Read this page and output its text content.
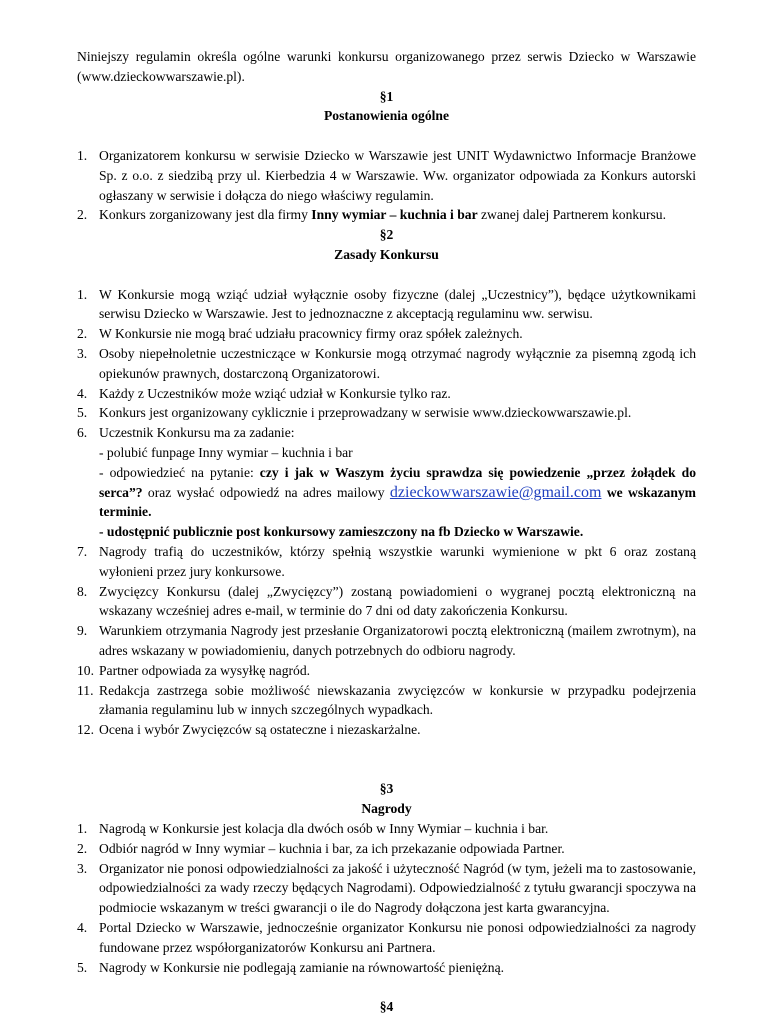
Niniejszy regulamin określa ogólne warunki konkursu organizowanego przez serwis Dziecko w Warszawie (www.dzieckowwarszawie.pl).

§1

Postanowienia ogólne

1. Organizatorem konkursu w serwisie Dziecko w Warszawie jest UNIT Wydawnictwo Informacje Branżowe Sp. z o.o. z siedzibą przy ul. Kierbedzia 4 w Warszawie. Ww. organizator odpowiada za Konkurs autorski ogłaszany w serwisie i dołącza do niego właściwy regulamin.
2. Konkurs zorganizowany jest dla firmy Inny wymiar – kuchnia i bar zwanej dalej Partnerem konkursu.

§2

Zasady Konkursu

1. W Konkursie mogą wziąć udział wyłącznie osoby fizyczne (dalej „Uczestnicy”), będące użytkownikami serwisu Dziecko w Warszawie. Jest to jednoznaczne z akceptacją regulaminu ww. serwisu.
2. W Konkursie nie mogą brać udziału pracownicy firmy oraz spółek zależnych.
3. Osoby niepełnoletnie uczestniczące w Konkursie mogą otrzymać nagrody wyłącznie za pisemną zgodą ich opiekunów prawnych, dostarczoną Organizatorowi.
4. Każdy z Uczestników może wziąć udział w Konkursie tylko raz.
5. Konkurs jest organizowany cyklicznie i przeprowadzany w serwisie www.dzieckowwarszawie.pl.
6. Uczestnik Konkursu ma za zadanie:
- polubić funpage Inny wymiar – kuchnia i bar
- odpowiedzieć na pytanie: czy i jak w Waszym życiu sprawdza się powiedzenie „przez żołądek do serca”? oraz wysłać odpowiedź na adres mailowy dzieckowwarszawie@gmail.com we wskazanym terminie.
- udostępnić publicznie post konkursowy zamieszczony na fb Dziecko w Warszawie.
7. Nagrody trafią do uczestników, którzy spełnią wszystkie warunki wymienione w pkt 6 oraz zostaną wyłonieni przez jury konkursowe.
8. Zwycięzcy Konkursu (dalej „Zwycięzcy”) zostaną powiadomieni o wygranej pocztą elektroniczną na wskazany wcześniej adres e-mail, w terminie do 7 dni od daty zakończenia Konkursu.
9. Warunkiem otrzymania Nagrody jest przesłanie Organizatorowi pocztą elektroniczną (mailem zwrotnym), na adres wskazany w powiadomieniu, danych potrzebnych do odbioru nagrody.
10. Partner odpowiada za wysyłkę nagród.
11. Redakcja zastrzega sobie możliwość niewskazania zwycięzców w konkursie w przypadku podejrzenia złamania regulaminu lub w innych szczególnych wypadkach.
12. Ocena i wybór Zwycięzców są ostateczne i niezaskarżalne.

§3

Nagrody

1. Nagrodą w Konkursie jest kolacja dla dwóch osób w Inny Wymiar – kuchnia i bar.
2. Odbiór nagród w Inny wymiar – kuchnia i bar, za ich przekazanie odpowiada Partner.
3. Organizator nie ponosi odpowiedzialności za jakość i użyteczność Nagród (w tym, jeżeli ma to zastosowanie, odpowiedzialności za wady rzeczy będących Nagrodami). Odpowiedzialność z tytułu gwarancji spoczywa na podmiocie wskazanym w treści gwarancji o ile do Nagrody dołączona jest karta gwarancyjna.
4. Portal Dziecko w Warszawie, jednocześnie organizator Konkursu nie ponosi odpowiedzialności za nagrody fundowane przez współorganizatorów Konkursu ani Partnera.
5. Nagrody w Konkursie nie podlegają zamianie na równowartość pieniężną.

§4
